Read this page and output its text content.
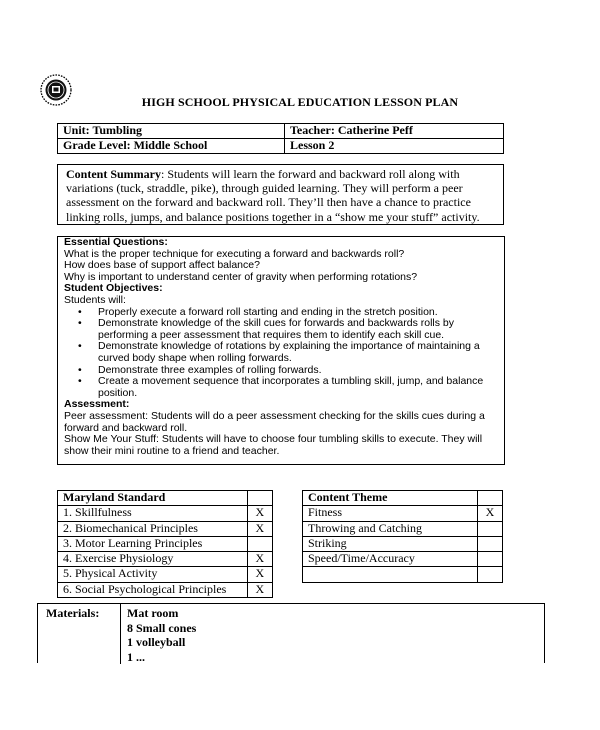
HIGH SCHOOL PHYSICAL EDUCATION LESSON PLAN
Unit: Tumbling	Teacher: Catherine Peff
Grade Level: Middle School	Lesson 2
Content Summary: Students will learn the forward and backward roll along with variations (tuck, straddle, pike), through guided learning. They will perform a peer assessment on the forward and backward roll. They’ll then have a chance to practice linking rolls, jumps, and balance positions together in a “show me your stuff” activity.
Essential Questions:
What is the proper technique for executing a forward and backwards roll?
How does base of support affect balance?
Why is important to understand center of gravity when performing rotations?
Student Objectives:
Students will:
• Properly execute a forward roll starting and ending in the stretch position.
• Demonstrate knowledge of the skill cues for forwards and backwards rolls by performing a peer assessment that requires them to identify each skill cue.
• Demonstrate knowledge of rotations by explaining the importance of maintaining a curved body shape when rolling forwards.
• Demonstrate three examples of rolling forwards.
• Create a movement sequence that incorporates a tumbling skill, jump, and balance position.
Assessment:
Peer assessment: Students will do a peer assessment checking for the skills cues during a forward and backward roll.
Show Me Your Stuff: Students will have to choose four tumbling skills to execute. They will show their mini routine to a friend and teacher.
Maryland Standard	
1. Skillfulness	X
2. Biomechanical Principles	X
3. Motor Learning Principles	
4. Exercise Physiology	X
5. Physical Activity	X
6. Social Psychological Principles	X
Content Theme	
Fitness	X
Throwing and Catching	
Striking	
Speed/Time/Accuracy	

Materials:	Mat room
8 Small cones
1 volleyball
1 ...
